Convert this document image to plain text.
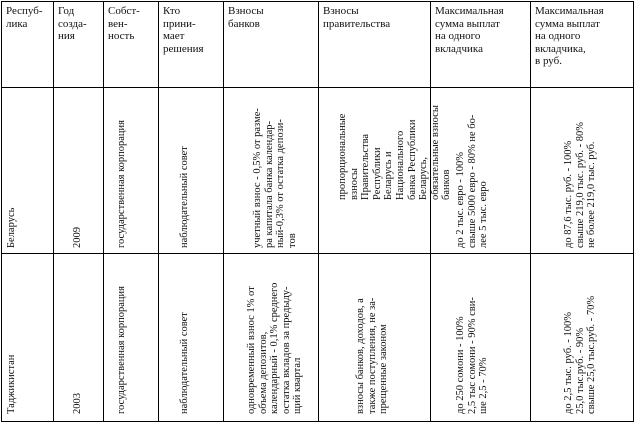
Респуб-
лика	Год
созда-
ния	Собст-
вен-
ность	Кто
прини-
мает
решения	Взносы
банков	Взносы
правительства	Максимальная
сумма выплат
на одного
вкладчика	Максимальная
сумма выплат
на одного
вкладчика,
в руб.

Беларусь	2009	государственная корпорация	наблюдательный совет	учетный взнос - 0,5% от разме-
ра капитала банка календар-
ный-0,3% от остатка депози-
тов	пропорциональные взносы
Правительства Республики
Беларусь и Национального
банка Республики Беларусь,
обязательные взносы банков	до 2 тыс. евро - 100%
свыше 5000 евро - 80% не бо-
лее 5 тыс. евро	до 87,6 тыс. руб. - 100%
свыше 219,0 тыс. руб. - 80%
не более 219,0 тыс. руб.

Таджикистан	2003	государственная корпорация	наблюдательный совет	одновременный взнос 1% от
объема депозитов,
календарный - 0,1% среднего
остатка вкладов за предыду-
щий квартал	взносы банков, доходов, а
также поступления, не за-
прещенные законом	до 250 сомони - 100%
2,5 тыс сомони - 90% сви-
ше 2,5 - 70%	до 2,5 тыс. руб. - 100%
25,0 тыс.руб. - 90%
свыше 25,0 тыс.руб. - 70%
